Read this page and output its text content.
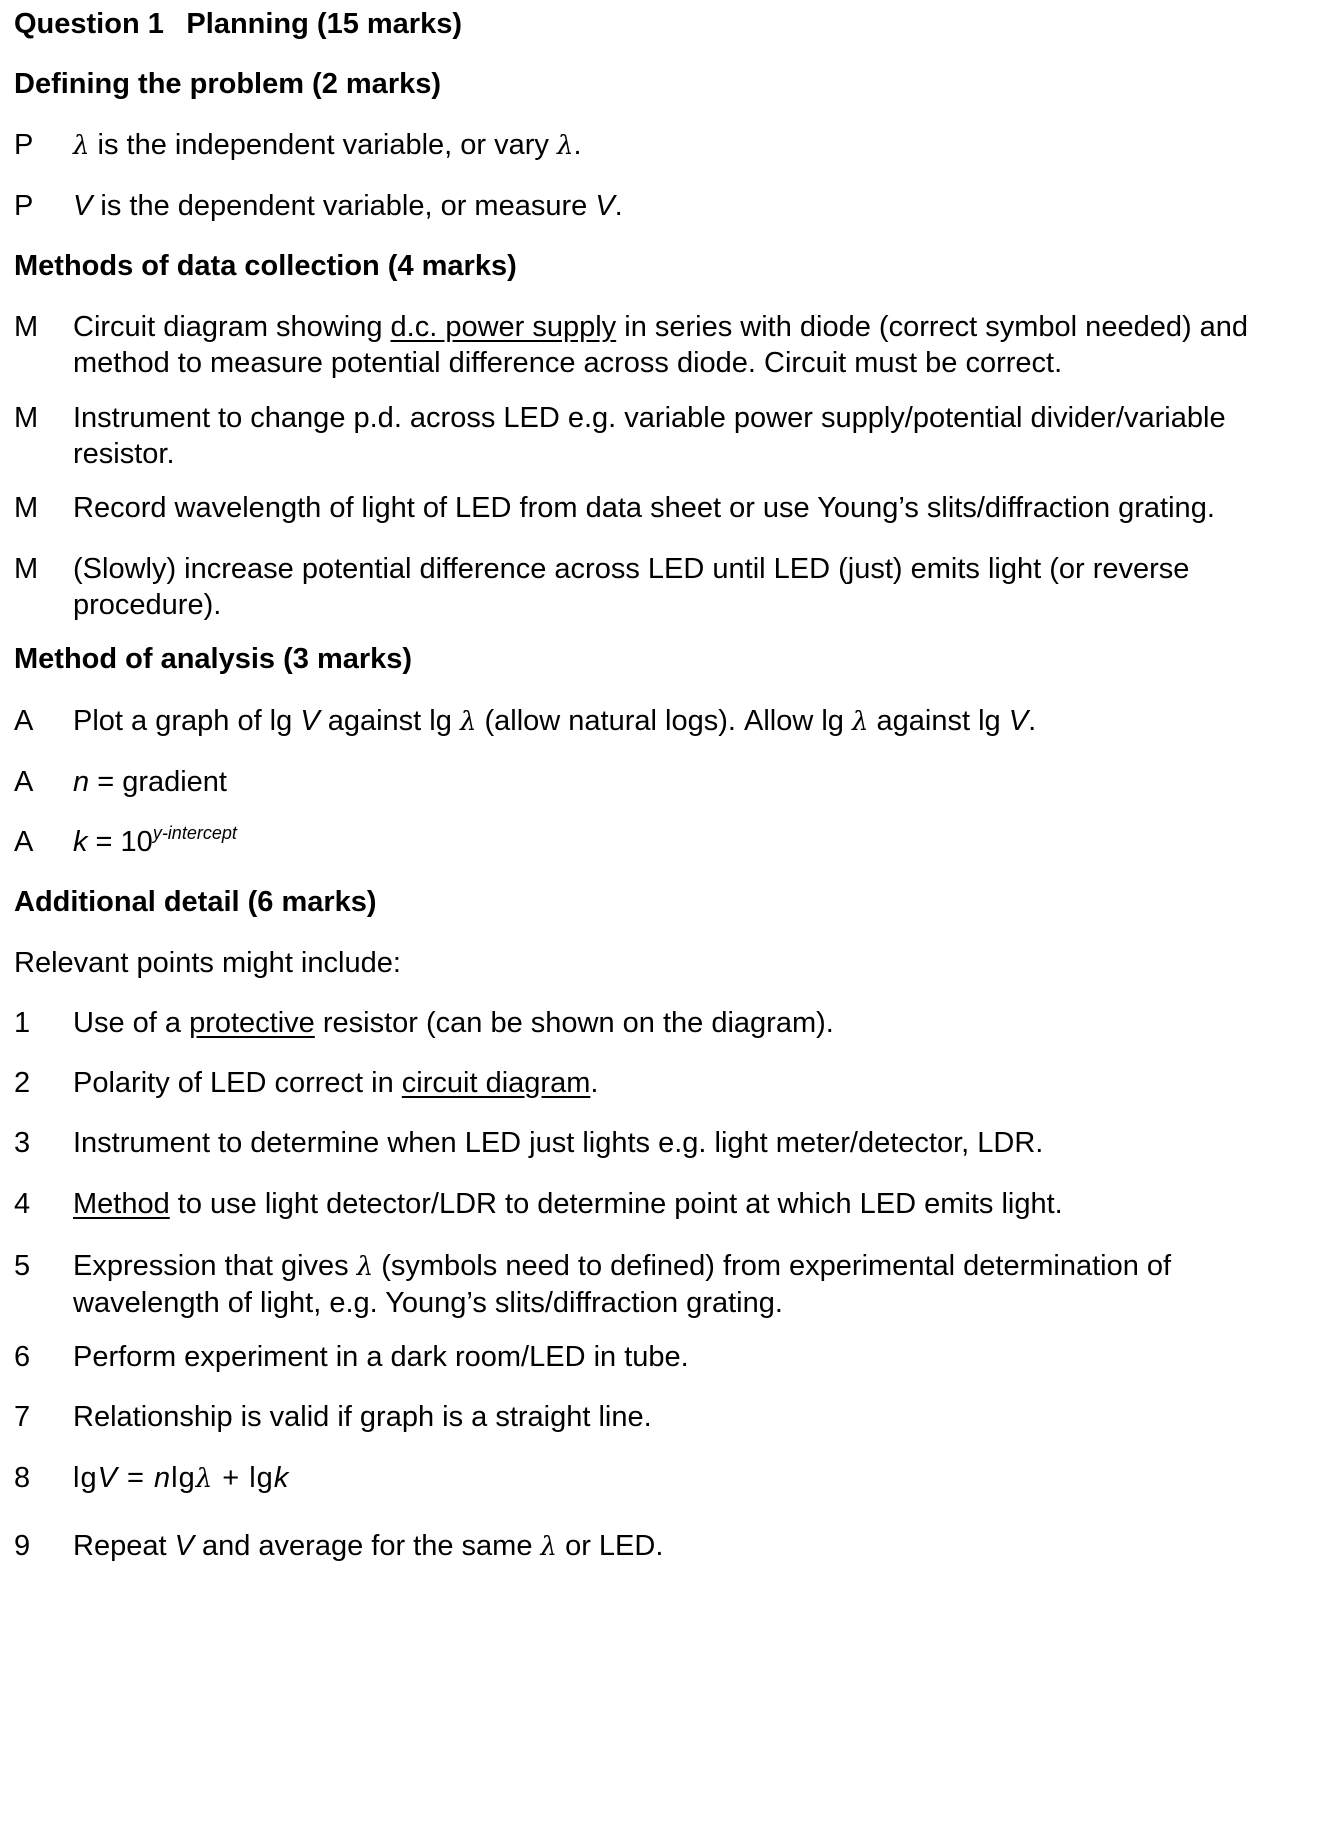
Question 1  Planning (15 marks)
Defining the problem (2 marks)
P	λ is the independent variable, or vary λ.
P	V is the dependent variable, or measure V.
Methods of data collection (4 marks)
M	Circuit diagram showing d.c. power supply in series with diode (correct symbol needed) and method to measure potential difference across diode. Circuit must be correct.
M	Instrument to change p.d. across LED e.g. variable power supply/potential divider/variable resistor.
M	Record wavelength of light of LED from data sheet or use Young’s slits/diffraction grating.
M	(Slowly) increase potential difference across LED until LED (just) emits light (or reverse procedure).
Method of analysis (3 marks)
A	Plot a graph of lg V against lg λ (allow natural logs). Allow lg λ against lg V.
A	n = gradient
A	$k = 10^{y-intercept}$
Additional detail (6 marks)
Relevant points might include:
1	Use of a protective resistor (can be shown on the diagram).
2	Polarity of LED correct in circuit diagram.
3	Instrument to determine when LED just lights e.g. light meter/detector, LDR.
4	Method to use light detector/LDR to determine point at which LED emits light.
5	Expression that gives λ (symbols need to defined) from experimental determination of wavelength of light, e.g. Young’s slits/diffraction grating.
6	Perform experiment in a dark room/LED in tube.
7	Relationship is valid if graph is a straight line.
8	lgV = nlgλ + lgk
9	Repeat V and average for the same λ or LED.
